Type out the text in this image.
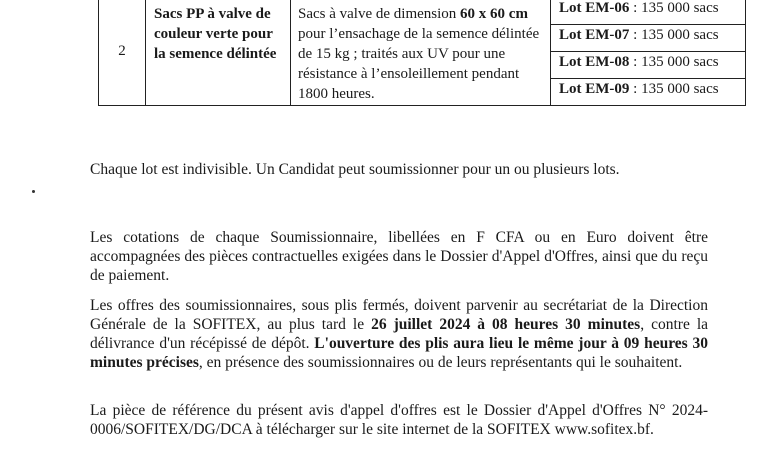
2	Sacs PP à valve de couleur verte pour la semence délintée	Sacs à valve de dimension 60 x 60 cm pour l’ensachage de la semence délintée de 15 kg ; traités aux UV pour une résistance à l’ensoleillement pendant 1800 heures.	Lot EM-06 : 135 000 sacs
			Lot EM-07 : 135 000 sacs
			Lot EM-08 : 135 000 sacs
			Lot EM-09 : 135 000 sacs

Chaque lot est indivisible. Un Candidat peut soumissionner pour un ou plusieurs lots.

Les cotations de chaque Soumissionnaire, libellées en F CFA ou en Euro doivent être accompagnées des pièces contractuelles exigées dans le Dossier d'Appel d'Offres, ainsi que du reçu de paiement.

Les offres des soumissionnaires, sous plis fermés, doivent parvenir au secrétariat de la Direction Générale de la SOFITEX, au plus tard le 26 juillet 2024 à 08 heures 30 minutes, contre la délivrance d'un récépissé de dépôt. L'ouverture des plis aura lieu le même jour à 09 heures 30 minutes précises, en présence des soumissionnaires ou de leurs représentants qui le souhaitent.

La pièce de référence du présent avis d'appel d'offres est le Dossier d'Appel d'Offres N° 2024-0006/SOFITEX/DG/DCA à télécharger sur le site internet de la SOFITEX www.sofitex.bf.
